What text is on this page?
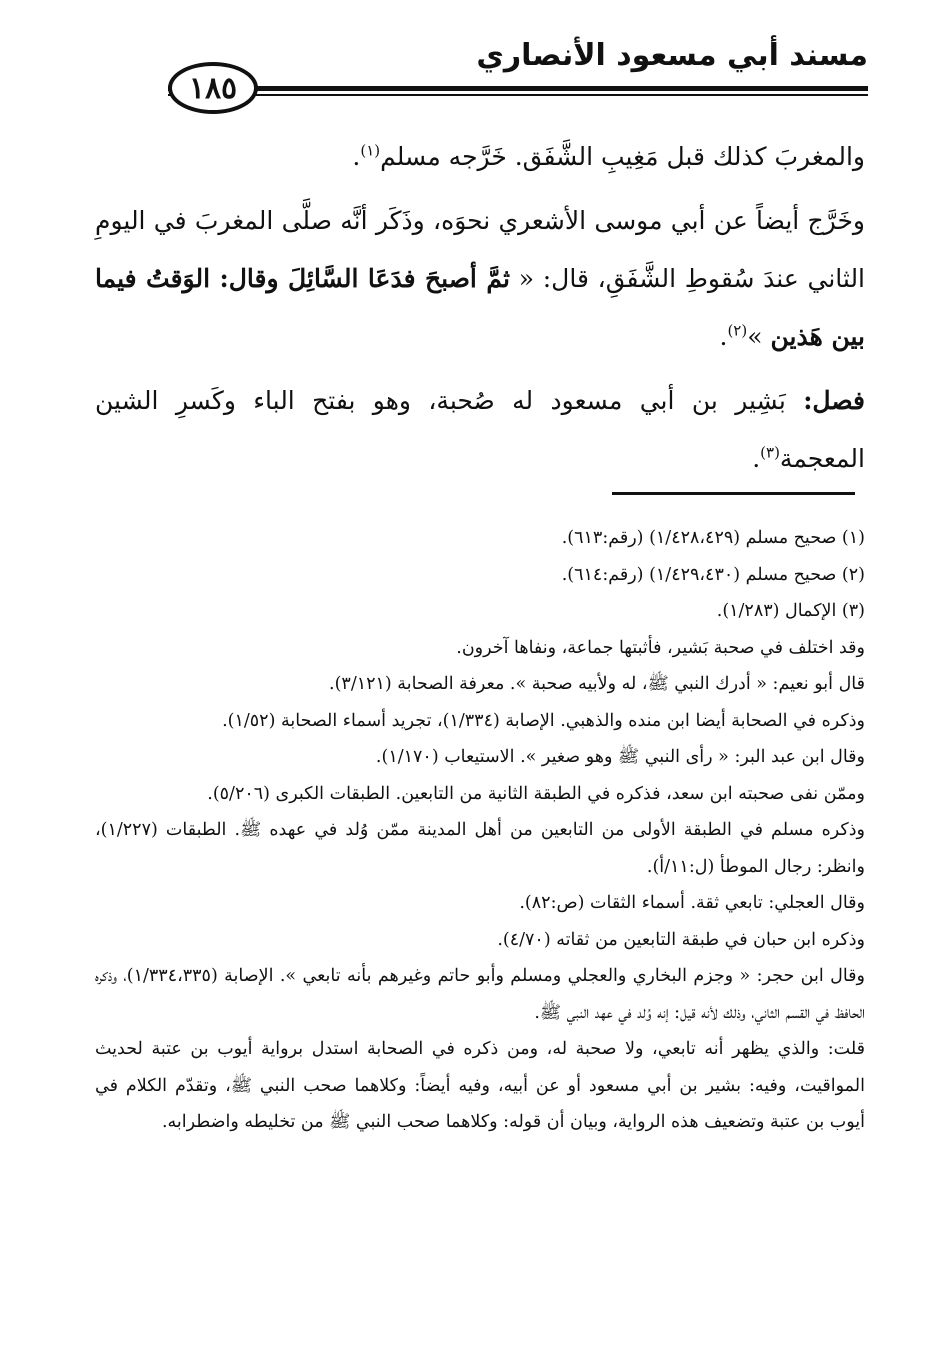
مسند أبي مسعود الأنصاري
١٨٥

والمغربَ كذلك قبل مَغِيبِ الشَّفَق. خَرَّجه مسلم$^{(١)}$.

وخَرَّج أيضاً عن أبي موسى الأشعري نحوَه، وذَكَر أنَّه صلَّى المغربَ في اليومِ الثاني عندَ سُقوطِ الشَّفَقِ، قال: « ثمَّ أصبحَ فدَعَا السَّائِلَ وقال: الوَقتُ فيما بين هَذين »$^{(٢)}$.

فصل: بَشِير بن أبي مسعود له صُحبة، وهو بفتح الباء وكَسرِ الشين المعجمة$^{(٣)}$.

(١) صحيح مسلم (١/٤٢٨،٤٢٩) (رقم:٦١٣).

(٢) صحيح مسلم (١/٤٢٩،٤٣٠) (رقم:٦١٤).

(٣) الإكمال (١/٢٨٣).

وقد اختلف في صحبة بَشير، فأثبتها جماعة، ونفاها آخرون.

قال أبو نعيم: « أدرك النبي ﷺ، له ولأبيه صحبة ». معرفة الصحابة (٣/١٢١).

وذكره في الصحابة أيضا ابن منده والذهبي. الإصابة (١/٣٣٤)، تجريد أسماء الصحابة (١/٥٢).

وقال ابن عبد البر: « رأى النبي ﷺ وهو صغير ». الاستيعاب (١/١٧٠).

وممّن نفى صحبته ابن سعد، فذكره في الطبقة الثانية من التابعين. الطبقات الكبرى (٥/٢٠٦).

وذكره مسلم في الطبقة الأولى من التابعين من أهل المدينة ممّن وُلد في عهده ﷺ. الطبقات (١/٢٢٧)، وانظر: رجال الموطأ (ل:١١/أ).

وقال العجلي: تابعي ثقة. أسماء الثقات (ص:٨٢).

وذكره ابن حبان في طبقة التابعين من ثقاته (٤/٧٠).

وقال ابن حجر: « وجزم البخاري والعجلي ومسلم وأبو حاتم وغيرهم بأنه تابعي ». الإصابة (١/٣٣٤،٣٣٥)، وذكره الحافظ في القسم الثاني، وذلك لأنه قيل: إنه وُلد في عهد النبي ﷺ.

قلت: والذي يظهر أنه تابعي، ولا صحبة له، ومن ذكره في الصحابة استدل برواية أيوب بن عتبة لحديث المواقيت، وفيه: بشير بن أبي مسعود أو عن أبيه، وفيه أيضاً: وكلاهما صحب النبي ﷺ، وتقدّم الكلام في أيوب بن عتبة وتضعيف هذه الرواية، وبيان أن قوله: وكلاهما صحب النبي ﷺ من تخليطه واضطرابه.
